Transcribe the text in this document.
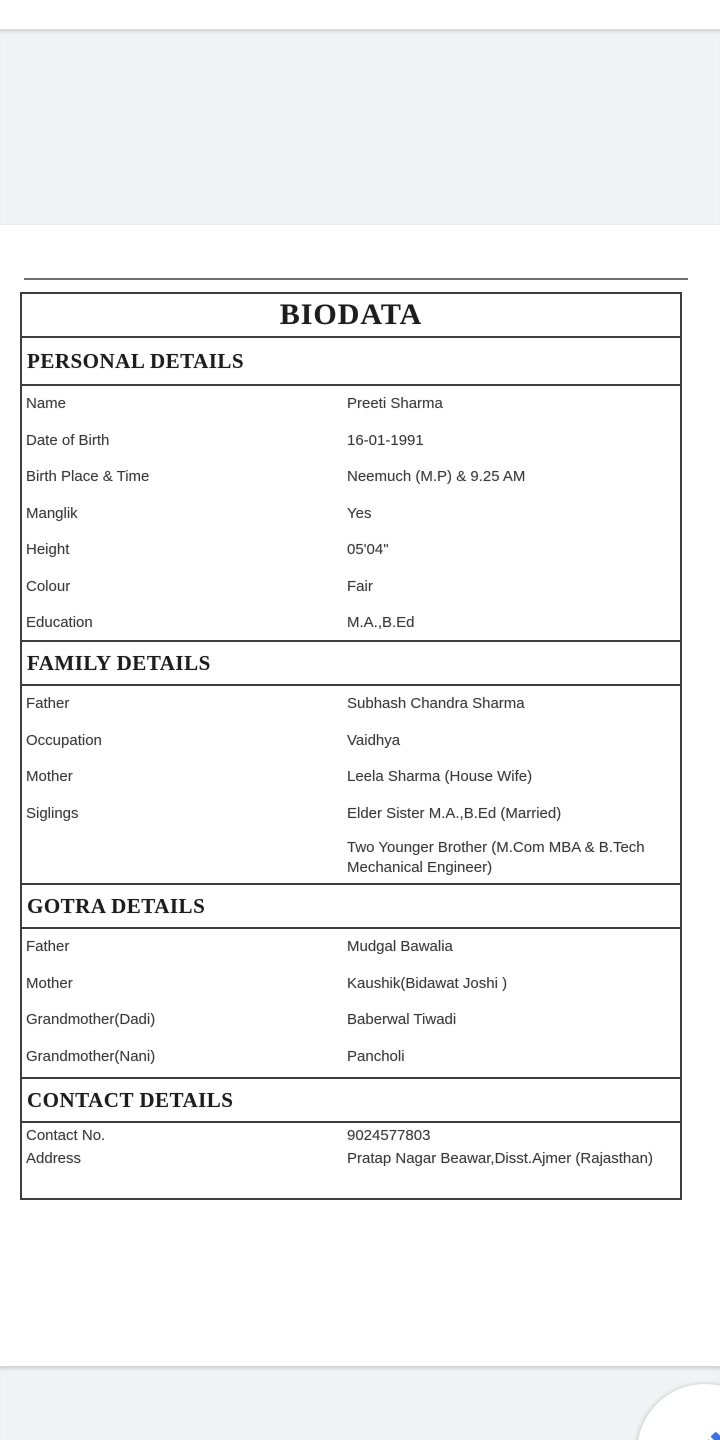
BIODATA
PERSONAL DETAILS
Name	Preeti Sharma
Date of Birth	16-01-1991
Birth Place & Time	Neemuch (M.P) & 9.25 AM
Manglik	Yes
Height	05'04"
Colour	Fair
Education	M.A.,B.Ed
FAMILY DETAILS
Father	Subhash Chandra Sharma
Occupation	Vaidhya
Mother	Leela Sharma (House Wife)
Siglings	Elder Sister M.A.,B.Ed (Married)
Two Younger Brother (M.Com MBA & B.Tech Mechanical Engineer)
GOTRA DETAILS
Father	Mudgal Bawalia
Mother	Kaushik(Bidawat Joshi )
Grandmother(Dadi)	Baberwal Tiwadi
Grandmother(Nani)	Pancholi
CONTACT DETAILS
Contact No.	9024577803
Address	Pratap Nagar Beawar,Disst.Ajmer (Rajasthan)
